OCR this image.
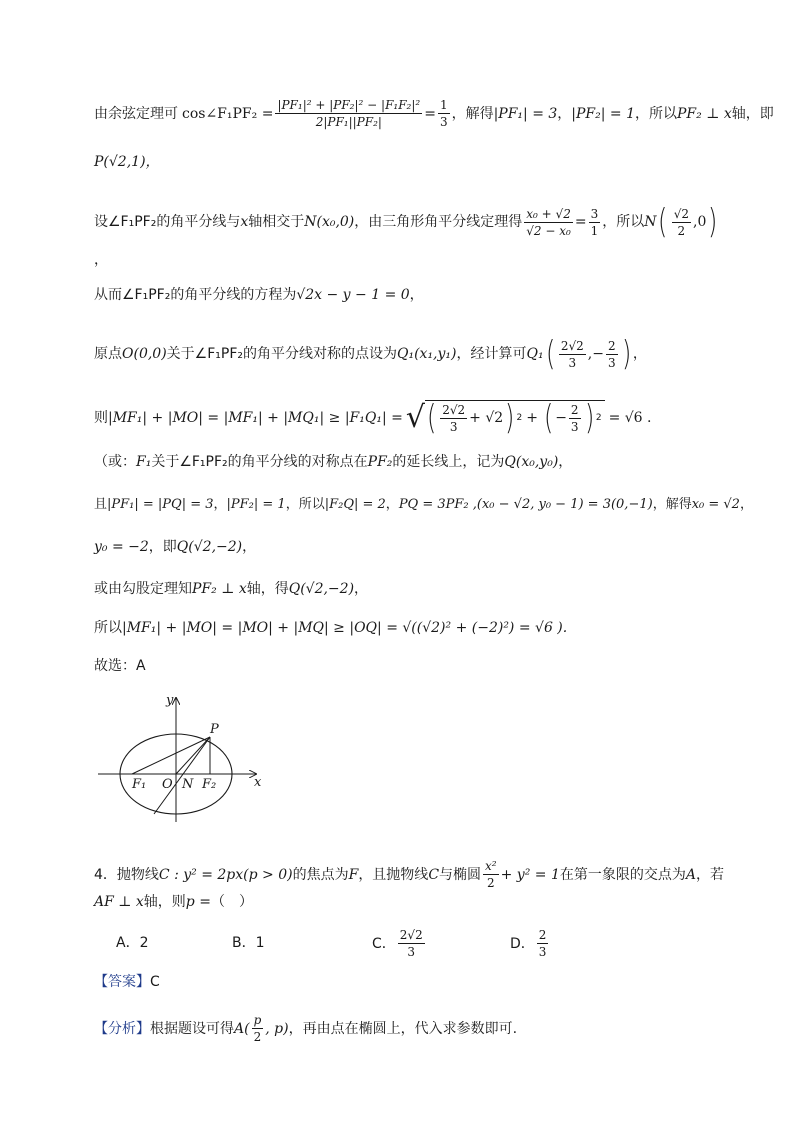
由余弦定理可 cos∠F₁PF₂ = $\frac{\text{|PF₁|² + |PF₂|² − |F₁F₂|²}}{\text{2|PF₁||PF₂|}} = \frac{1}{3}$ ，解得 |PF₁| = 3 ， |PF₂| = 1 ，所以 PF₂ ⊥ x 轴，即
P(√2,1)，
设∠F₁PF₂的角平分线与 x 轴相交于 N(x₀,0) ，由三角形角平分线定理得 $\frac{\text{x₀ + √2}}{\text{√2 − x₀}} = \frac{3}{1}$ ，所以 N ( $\frac{√2}{2} ,0$ )
，
从而∠F₁PF₂的角平分线的方程为 √2x − y − 1 = 0 ，
原点 O(0,0) 关于∠F₁PF₂的角平分线对称的点设为 Q₁(x₁,y₁) ，经计算可 Q₁ ( $\frac{2√2}{3}$ ,− $\frac{2}{3}$ ) ，
则 |MF₁| + |MO| = |MF₁| + |MQ₁| ≥ |F₁Q₁| = √ ( $\frac{2√2}{3} + √2$ ) 2 + ( − $\frac{2}{3}$ ) 2 = √6 .
（或： F₁ 关于∠F₁PF₂的角平分线的对称点在 PF₂ 的延长线上，记为 Q(x₀,y₀) ，
且 |PF₁| = |PQ| = 3 ， |PF₂| = 1 ，所以 |F₂Q| = 2 ， PQ = 3PF₂ ,(x₀ − √2, y₀ − 1) = 3(0,−1) ，解得 x₀ = √2 ，
y₀ = −2 ，即 Q(√2,−2) ，
或由勾股定理知 PF₂ ⊥ x 轴，得 Q(√2,−2) ，
所以 |MF₁| + |MO| = |MO| + |MQ| ≥ |OQ| = √((√2)² + (−2)²) = √6 ).
故选：A
y
x
P
F₁ O N F₂
4． 抛物线 C : y² = 2px(p > 0) 的焦点为 F ，且抛物线 C 与椭圆 $\frac{\text{x²}}{2} + y^2 = 1$ 在第一象限的交点为 A ，若
AF ⊥ x 轴，则 p = （　）
A．2	B．1	C． $\frac{2√2}{3}$	D． $\frac{2}{3}$
【答案】 C
【分析】 根据题设可得 $A( \frac{p}{2}$ , p) ，再由点在椭圆上，代入求参数即可.
